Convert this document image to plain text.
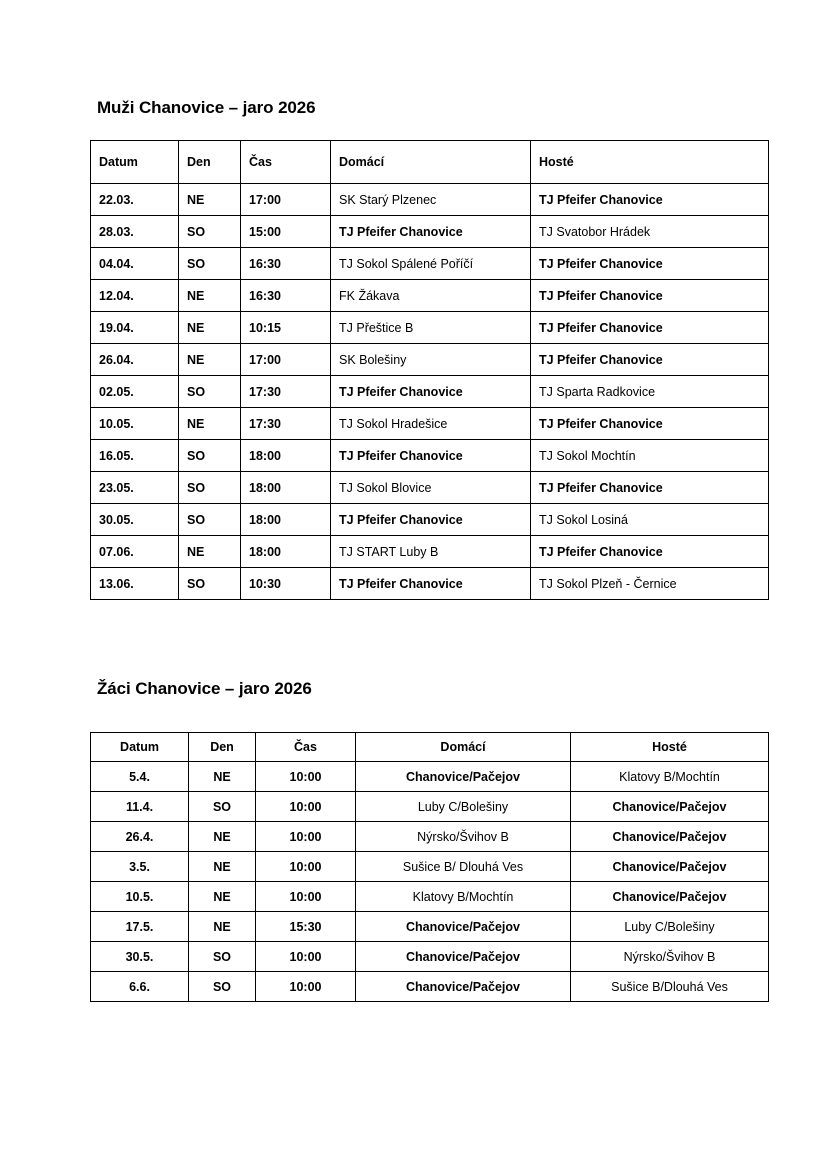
Muži Chanovice – jaro 2026
Datum	Den	Čas	Domácí	Hosté
22.03.	NE	17:00	SK Starý Plzenec	TJ Pfeifer Chanovice
28.03.	SO	15:00	TJ Pfeifer Chanovice	TJ Svatobor Hrádek
04.04.	SO	16:30	TJ Sokol Spálené Poříčí	TJ Pfeifer Chanovice
12.04.	NE	16:30	FK Žákava	TJ Pfeifer Chanovice
19.04.	NE	10:15	TJ Přeštice B	TJ Pfeifer Chanovice
26.04.	NE	17:00	SK Bolešiny	TJ Pfeifer Chanovice
02.05.	SO	17:30	TJ Pfeifer Chanovice	TJ Sparta Radkovice
10.05.	NE	17:30	TJ Sokol Hradešice	TJ Pfeifer Chanovice
16.05.	SO	18:00	TJ Pfeifer Chanovice	TJ Sokol Mochtín
23.05.	SO	18:00	TJ Sokol Blovice	TJ Pfeifer Chanovice
30.05.	SO	18:00	TJ Pfeifer Chanovice	TJ Sokol Losiná
07.06.	NE	18:00	TJ START Luby B	TJ Pfeifer Chanovice
13.06.	SO	10:30	TJ Pfeifer Chanovice	TJ Sokol Plzeň - Černice
Žáci Chanovice – jaro 2026
Datum	Den	Čas	Domácí	Hosté
5.4.	NE	10:00	Chanovice/Pačejov	Klatovy B/Mochtín
11.4.	SO	10:00	Luby C/Bolešiny	Chanovice/Pačejov
26.4.	NE	10:00	Nýrsko/Švihov B	Chanovice/Pačejov
3.5.	NE	10:00	Sušice B/ Dlouhá Ves	Chanovice/Pačejov
10.5.	NE	10:00	Klatovy B/Mochtín	Chanovice/Pačejov
17.5.	NE	15:30	Chanovice/Pačejov	Luby C/Bolešiny
30.5.	SO	10:00	Chanovice/Pačejov	Nýrsko/Švihov B
6.6.	SO	10:00	Chanovice/Pačejov	Sušice B/Dlouhá Ves
